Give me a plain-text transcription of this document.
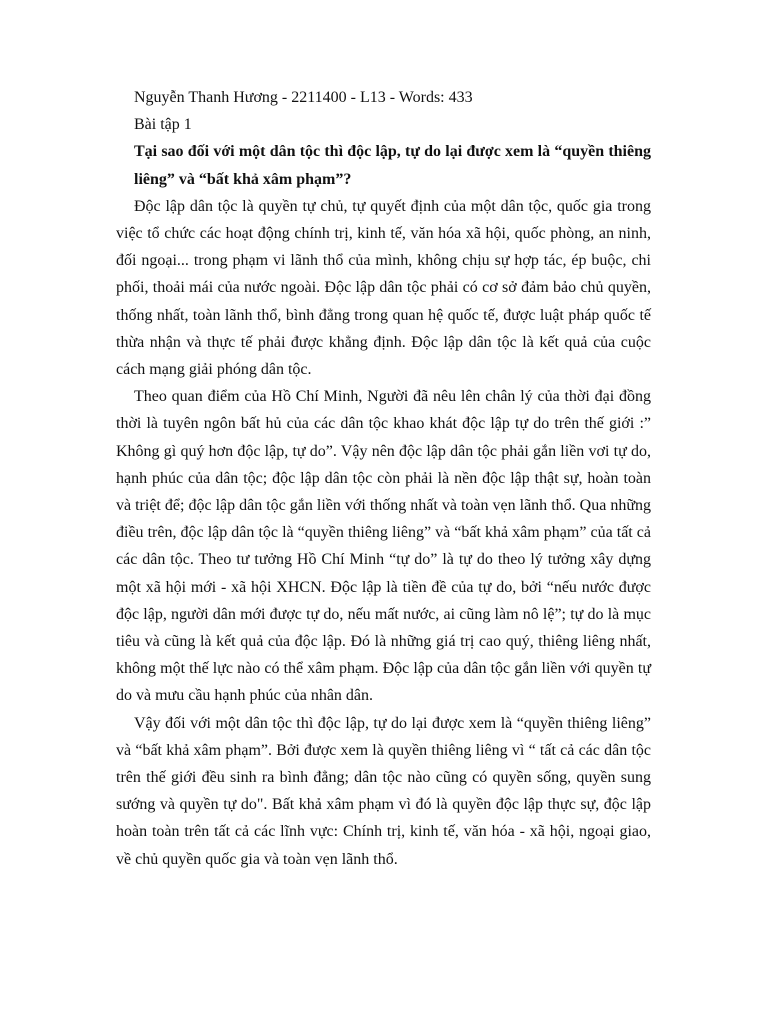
Nguyễn Thanh Hương - 2211400 - L13 - Words: 433

Bài tập 1

Tại sao đối với một dân tộc thì độc lập, tự do lại được xem là “quyền thiêng liêng” và “bất khả xâm phạm”?

Độc lập dân tộc là quyền tự chủ, tự quyết định của một dân tộc, quốc gia trong việc tổ chức các hoạt động chính trị, kinh tế, văn hóa xã hội, quốc phòng, an ninh, đối ngoại... trong phạm vi lãnh thổ của mình, không chịu sự hợp tác, ép buộc, chi phối, thoải mái của nước ngoài. Độc lập dân tộc phải có cơ sở đảm bảo chủ quyền, thống nhất, toàn lãnh thổ, bình đẳng trong quan hệ quốc tế, được luật pháp quốc tế thừa nhận và thực tế phải được khẳng định. Độc lập dân tộc là kết quả của cuộc cách mạng giải phóng dân tộc.

Theo quan điểm của Hồ Chí Minh, Người đã nêu lên chân lý của thời đại đồng thời là tuyên ngôn bất hủ của các dân tộc khao khát độc lập tự do trên thế giới :” Không gì quý hơn độc lập, tự do”. Vậy nên độc lập dân tộc phải gắn liền vơi tự do, hạnh phúc của dân tộc; độc lập dân tộc còn phải là nền độc lập thật sự, hoàn toàn và triệt để; độc lập dân tộc gắn liền với thống nhất và toàn vẹn lãnh thổ. Qua những điều trên, độc lập dân tộc là “quyền thiêng liêng” và “bất khả xâm phạm” của tất cả các dân tộc. Theo tư tưởng Hồ Chí Minh “tự do” là tự do theo lý tưởng xây dựng một xã hội mới - xã hội XHCN. Độc lập là tiền đề của tự do, bởi “nếu nước được độc lập, người dân mới được tự do, nếu mất nước, ai cũng làm nô lệ”; tự do là mục tiêu và cũng là kết quả của độc lập. Đó là những giá trị cao quý, thiêng liêng nhất, không một thế lực nào có thể xâm phạm. Độc lập của dân tộc gắn liền với quyền tự do và mưu cầu hạnh phúc của nhân dân.

Vậy đối với một dân tộc thì độc lập, tự do lại được xem là “quyền thiêng liêng” và “bất khả xâm phạm”. Bởi được xem là quyền thiêng liêng vì “ tất cả các dân tộc trên thế giới đều sinh ra bình đẳng; dân tộc nào cũng có quyền sống, quyền sung sướng và quyền tự do". Bất khả xâm phạm vì đó là quyền độc lập thực sự, độc lập hoàn toàn trên tất cả các lĩnh vực: Chính trị, kinh tế, văn hóa - xã hội, ngoại giao, về chủ quyền quốc gia và toàn vẹn lãnh thổ.
